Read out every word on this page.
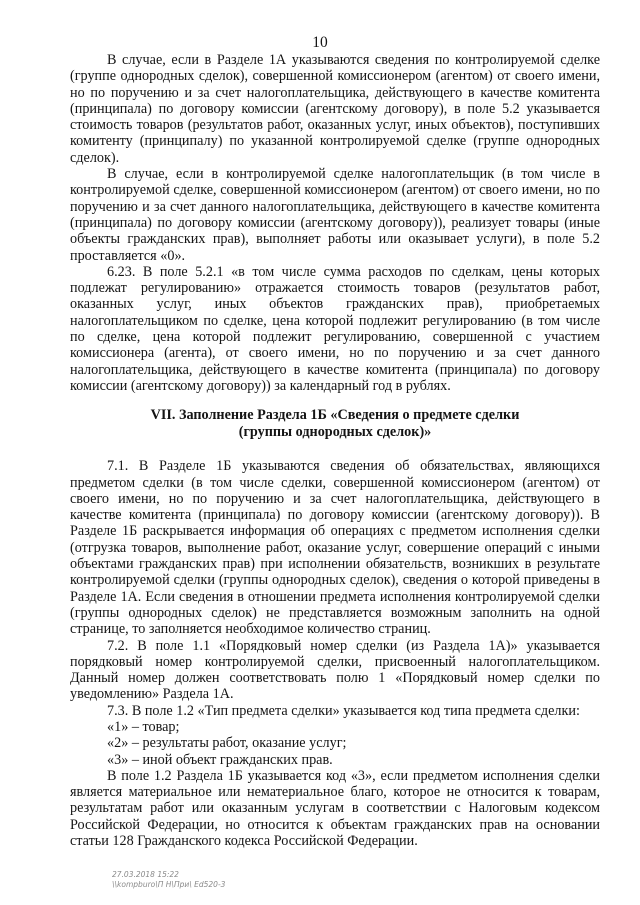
10

В случае, если в Разделе 1А указываются сведения по контролируемой сделке (группе однородных сделок), совершенной комиссионером (агентом) от своего имени, но по поручению и за счет налогоплательщика, действующего в качестве комитента (принципала) по договору комиссии (агентскому договору), в поле 5.2 указывается стоимость товаров (результатов работ, оказанных услуг, иных объектов), поступивших комитенту (принципалу) по указанной контролируемой сделке (группе однородных сделок).

В случае, если в контролируемой сделке налогоплательщик (в том числе в контролируемой сделке, совершенной комиссионером (агентом) от своего имени, но по поручению и за счет данного налогоплательщика, действующего в качестве комитента (принципала) по договору комиссии (агентскому договору)), реализует товары (иные объекты гражданских прав), выполняет работы или оказывает услуги), в поле 5.2 проставляется «0».

6.23. В поле 5.2.1 «в том числе сумма расходов по сделкам, цены которых подлежат регулированию» отражается стоимость товаров (результатов работ, оказанных услуг, иных объектов гражданских прав), приобретаемых налогоплательщиком по сделке, цена которой подлежит регулированию (в том числе по сделке, цена которой подлежит регулированию, совершенной с участием комиссионера (агента), от своего имени, но по поручению и за счет данного налогоплательщика, действующего в качестве комитента (принципала) по договору комиссии (агентскому договору)) за календарный год в рублях.

VII. Заполнение Раздела 1Б «Сведения о предмете сделки
(группы однородных сделок)»

7.1. В Разделе 1Б указываются сведения об обязательствах, являющихся предметом сделки (в том числе сделки, совершенной комиссионером (агентом) от своего имени, но по поручению и за счет налогоплательщика, действующего в качестве комитента (принципала) по договору комиссии (агентскому договору)). В Разделе 1Б раскрывается информация об операциях с предметом исполнения сделки (отгрузка товаров, выполнение работ, оказание услуг, совершение операций с иными объектами гражданских прав) при исполнении обязательств, возникших в результате контролируемой сделки (группы однородных сделок), сведения о которой приведены в Разделе 1А. Если сведения в отношении предмета исполнения контролируемой сделки (группы однородных сделок) не представляется возможным заполнить на одной странице, то заполняется необходимое количество страниц.

7.2. В поле 1.1 «Порядковый номер сделки (из Раздела 1А)» указывается порядковый номер контролируемой сделки, присвоенный налогоплательщиком. Данный номер должен соответствовать полю 1 «Порядковый номер сделки по уведомлению» Раздела 1А.

7.3. В поле 1.2 «Тип предмета сделки» указывается код типа предмета сделки:

«1» – товар;

«2» – результаты работ, оказание услуг;

«3» – иной объект гражданских прав.

В поле 1.2 Раздела 1Б указывается код «3», если предметом исполнения сделки является материальное или нематериальное благо, которое не относится к товарам, результатам работ или оказанным услугам в соответствии с Налоговым кодексом Российской Федерации, но относится к объектам гражданских прав на основании статьи 128 Гражданского кодекса Российской Федерации.

27.03.2018 15:22
\\kompburo\П Н\При\ Ed520-3
